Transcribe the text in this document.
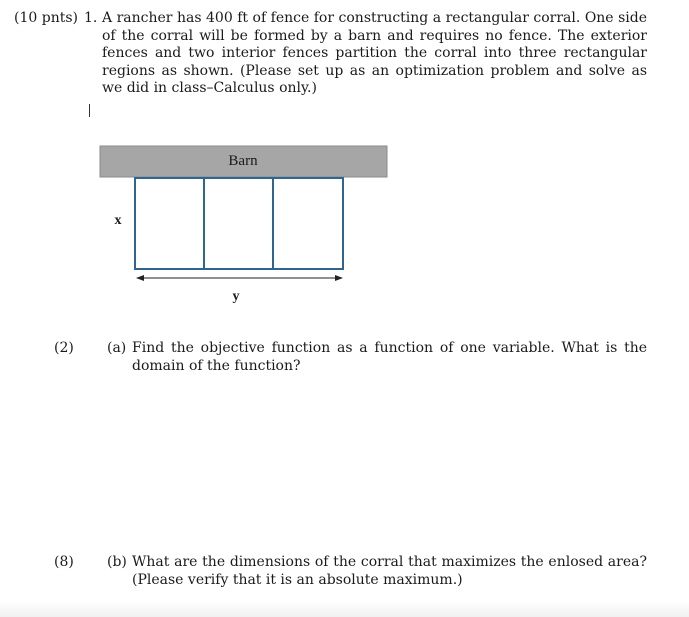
(10 pnts) 1. A rancher has 400 ft of fence for constructing a rectangular corral. One side of the corral will be formed by a barn and requires no fence. The exterior fences and two interior fences partition the corral into three rectangular regions as shown. (Please set up as an optimization problem and solve as we did in class–Calculus only.)
Barn
x
y
(2) (a) Find the objective function as a function of one variable. What is the domain of the function?
(8) (b) What are the dimensions of the corral that maximizes the enlosed area? (Please verify that it is an absolute maximum.)
